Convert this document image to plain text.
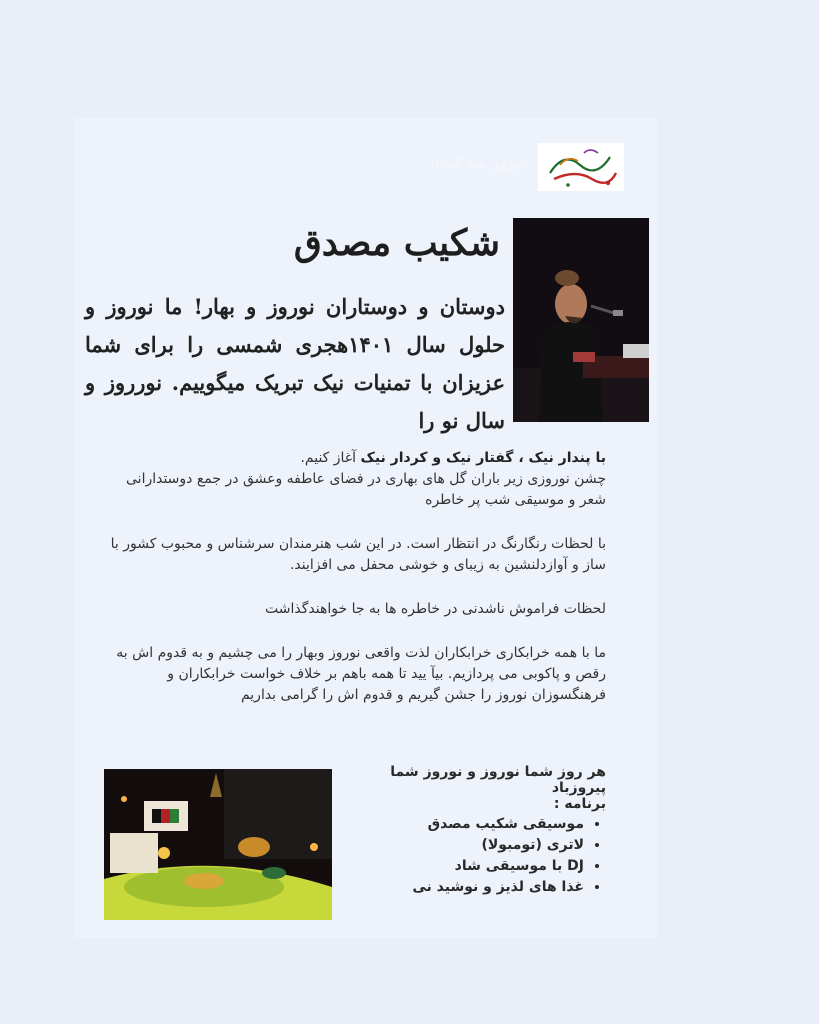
نوروز مبارک باد
شکیب مصدق
دوستان و دوستاران نوروز و بهار! ما نوروز و حلول سال ۱۴۰۱هجری شمسی را برای شما عزیزان با تمنیات نیک تبریک میگوییم. نورروز و سال نو را

با پندار نیک ، گفتار نیک و کردار نیک آغاز کنیم.

چشن نوروزی زیر باران گل های بهاری در فضای عاطفه وعشق در جمع دوستدارانی شعر و موسیقی شب پر خاطره

با لحظات رنگارنگ در انتظار است. در این شب هنرمندان سرشناس و محبوب کشور با ساز و آوازدلنشین به زیبای و خوشی محفل می افزایند.

لحظات فراموش ناشدنی در خاطره ها به جا خواهندگذاشت

ما با همه خرابکاری خرابکاران لذت واقعی نوروز وبهار را می چشیم و به قدوم اش به رقص و پاکوبی می پردازیم. بیآ یید تا همه باهم بر خلاف خواست خرابکاران و فرهنگسوزان نوروز را جشن گیریم و قدوم اش را گرامی بداریم

هر روز شما نوروز و نوروز شما پیروزباد
برنامه :
• موسیقی شکیب مصدق
• لاتری (تومبولا)
• DJ با موسیقی شاد
• غذا های لذیز و نوشید نی
